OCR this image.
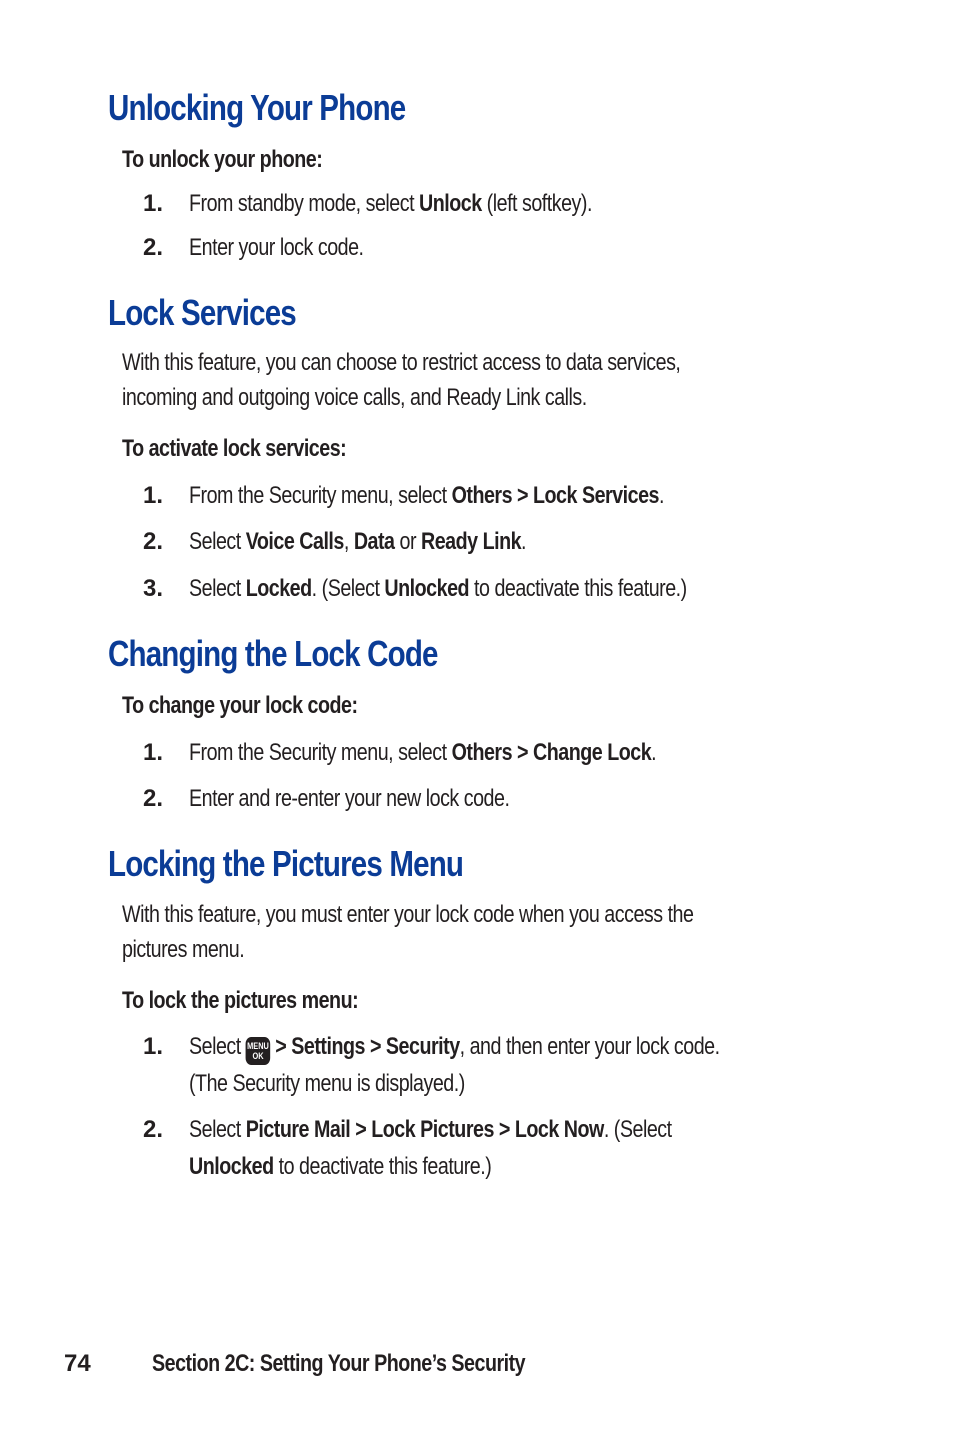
Unlocking Your Phone
To unlock your phone:
1. From standby mode, select Unlock (left softkey).
2. Enter your lock code.
Lock Services
With this feature, you can choose to restrict access to data services,
incoming and outgoing voice calls, and Ready Link calls.
To activate lock services:
1. From the Security menu, select Others > Lock Services.
2. Select Voice Calls, Data or Ready Link.
3. Select Locked. (Select Unlocked to deactivate this feature.)
Changing the Lock Code
To change your lock code:
1. From the Security menu, select Others > Change Lock.
2. Enter and re-enter your new lock code.
Locking the Pictures Menu
With this feature, you must enter your lock code when you access the
pictures menu.
To lock the pictures menu:
1. Select MENU
OK > Settings > Security, and then enter your lock code.
(The Security menu is displayed.)
2. Select Picture Mail > Lock Pictures > Lock Now. (Select
Unlocked to deactivate this feature.)
74	Section 2C: Setting Your Phone’s Security
